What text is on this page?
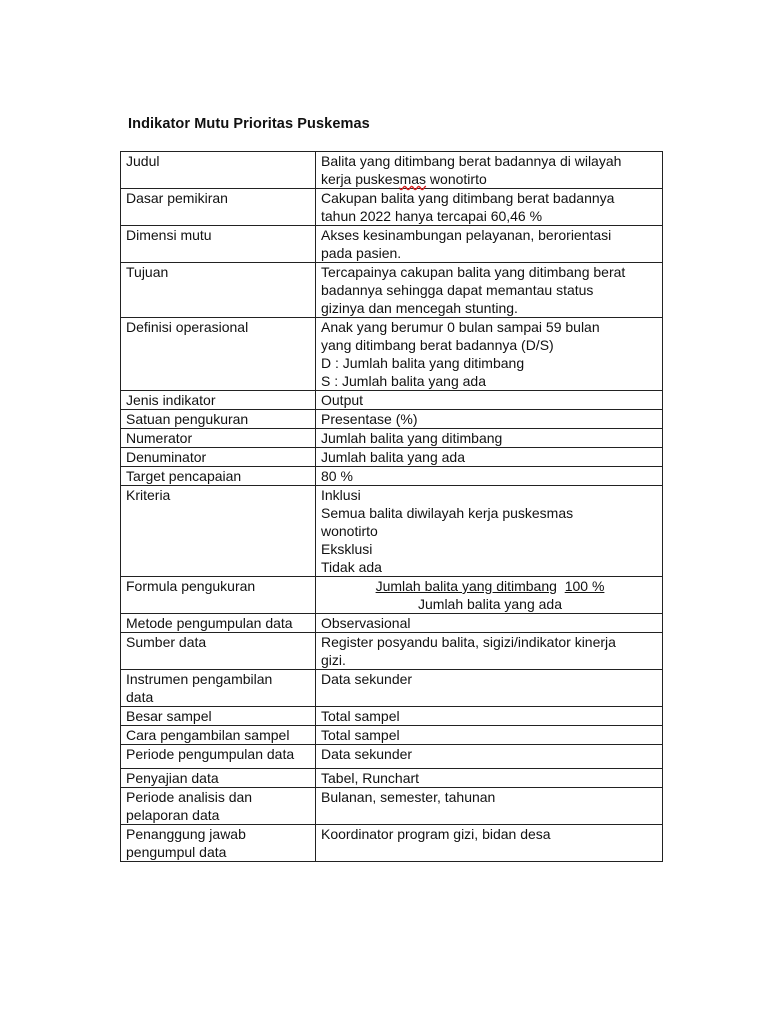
Indikator Mutu Prioritas Puskemas
Judul	Balita yang ditimbang berat badannya di wilayah
kerja puskesmas wonotirto

Dasar pemikiran	Cakupan balita yang ditimbang berat badannya
tahun 2022 hanya tercapai 60,46 %

Dimensi mutu	Akses kesinambungan pelayanan, berorientasi
pada pasien.

Tujuan	Tercapainya cakupan balita yang ditimbang berat
badannya sehingga dapat memantau status
gizinya dan mencegah stunting.

Definisi operasional	Anak yang berumur 0 bulan sampai 59 bulan
yang ditimbang berat badannya (D/S)
D : Jumlah balita yang ditimbang
S : Jumlah balita yang ada

Jenis indikator	Output

Satuan pengukuran	Presentase (%)

Numerator	Jumlah balita yang ditimbang

Denuminator	Jumlah balita yang ada

Target pencapaian	80 %

Kriteria	Inklusi
Semua balita diwilayah kerja puskesmas
wonotirto
Eksklusi
Tidak ada

Formula pengukuran	Jumlah balita yang ditimbang 100 %
Jumlah balita yang ada

Metode pengumpulan data	Observasional

Sumber data	Register posyandu balita, sigizi/indikator kinerja
gizi.

Instrumen pengambilan data	Data sekunder

Besar sampel	Total sampel

Cara pengambilan sampel	Total sampel

Periode pengumpulan data	Data sekunder

Penyajian data	Tabel, Runchart

Periode analisis dan pelaporan data	Bulanan, semester, tahunan

Penanggung jawab pengumpul data	Koordinator program gizi, bidan desa
